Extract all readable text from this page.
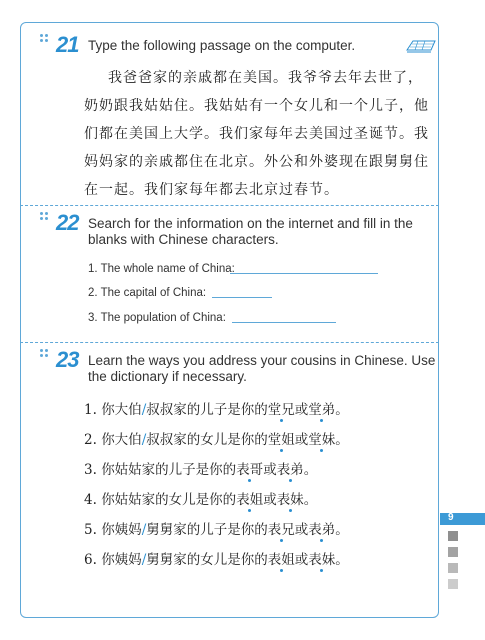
21 Type the following passage on the computer.
我爸爸家的亲戚都在美国。我爷爷去年去世了，
奶奶跟我姑姑住。我姑姑有一个女儿和一个儿子，他
们都在美国上大学。我们家每年去美国过圣诞节。我
妈妈家的亲戚都住在北京。外公和外婆现在跟舅舅住
在一起。我们家每年都去北京过春节。
22 Search for the information on the internet and fill in the blanks with Chinese characters.
1. The whole name of China:
2. The capital of China:
3. The population of China:
23 Learn the ways you address your cousins in Chinese. Use the dictionary if necessary.
1. 你大伯/叔叔家的儿子是你的堂兄或堂弟。
2. 你大伯/叔叔家的女儿是你的堂姐或堂妹。
3. 你姑姑家的儿子是你的表哥或表弟。
4. 你姑姑家的女儿是你的表姐或表妹。
5. 你姨妈/舅舅家的儿子是你的表兄或表弟。
6. 你姨妈/舅舅家的女儿是你的表姐或表妹。
9
